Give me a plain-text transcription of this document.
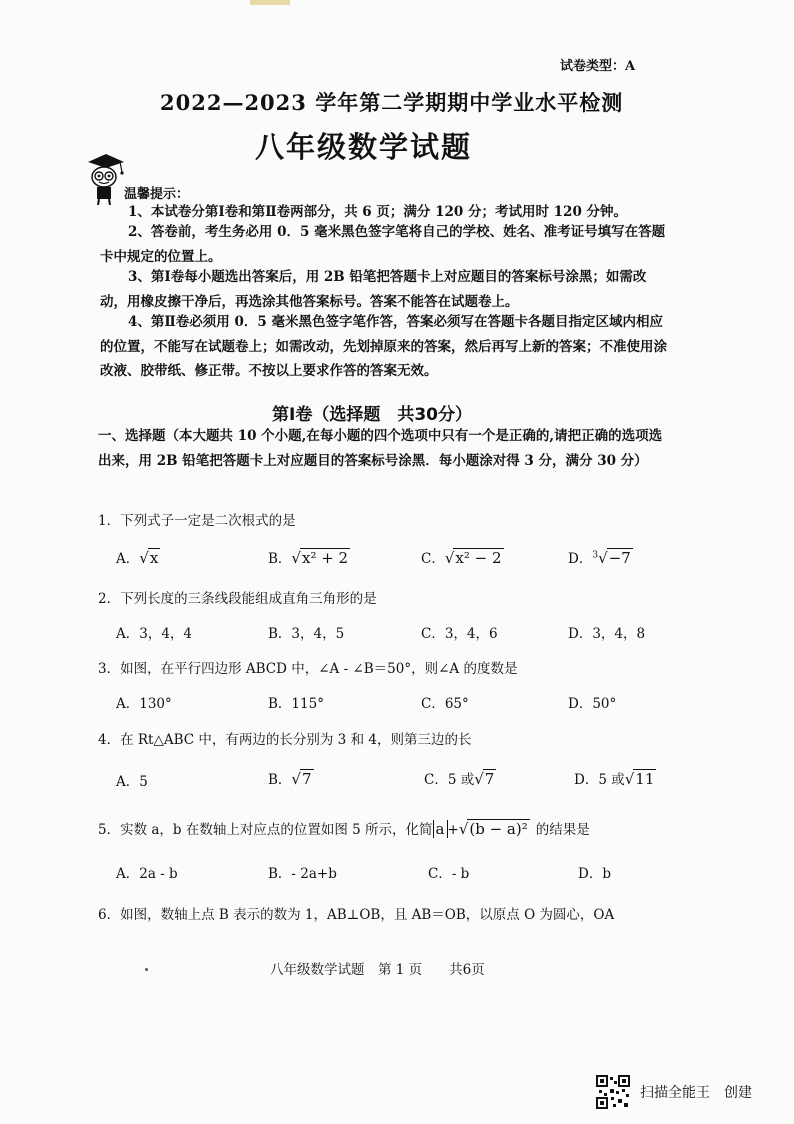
试卷类型：A
2022—2023 学年第二学期期中学业水平检测
八年级数学试题
温馨提示：
1、本试卷分第Ⅰ卷和第Ⅱ卷两部分，共 6 页；满分 120 分；考试用时 120 分钟。
2、答卷前，考生务必用 0．5 毫米黑色签字笔将自己的学校、姓名、准考证号填写在答题卡中规定的位置上。
3、第Ⅰ卷每小题选出答案后，用 2B 铅笔把答题卡上对应题目的答案标号涂黑；如需改动，用橡皮擦干净后，再选涂其他答案标号。答案不能答在试题卷上。
4、第Ⅱ卷必须用 0．5 毫米黑色签字笔作答，答案必须写在答题卡各题目指定区域内相应的位置，不能写在试题卷上；如需改动，先划掉原来的答案，然后再写上新的答案；不准使用涂改液、胶带纸、修正带。不按以上要求作答的答案无效。
第Ⅰ卷（选择题　共30分）
一、选择题（本大题共 10 个小题,在每小题的四个选项中只有一个是正确的,请把正确的选项选出来，用 2B 铅笔把答题卡上对应题目的答案标号涂黑．每小题涂对得 3 分，满分 30 分）
1．下列式子一定是二次根式的是
A．√x	B．√x² + 2	C．√x² − 2	D．$^3$√−7
2．下列长度的三条线段能组成直角三角形的是
A．3，4，4	B．3，4，5	C．3，4，6	D．3，4，8
3．如图，在平行四边形 ABCD 中，∠A - ∠B＝50°，则∠A 的度数是
A．130°	B．115°	C．65°	D．50°
4．在 Rt△ABC 中，有两边的长分别为 3 和 4，则第三边的长
A．5	B．√7	C．5 或√7	D．5 或√11
5．实数 a，b 在数轴上对应点的位置如图 5 所示，化简 a +√(b − a)² 的结果是
A．2a - b	B．- 2a+b	C．- b	D．b
6．如图，数轴上点 B 表示的数为 1，AB⊥OB，且 AB＝OB，以原点 O 为圆心，OA
八年级数学试题　第 1 页　　共6页
扫描全能王　创建
